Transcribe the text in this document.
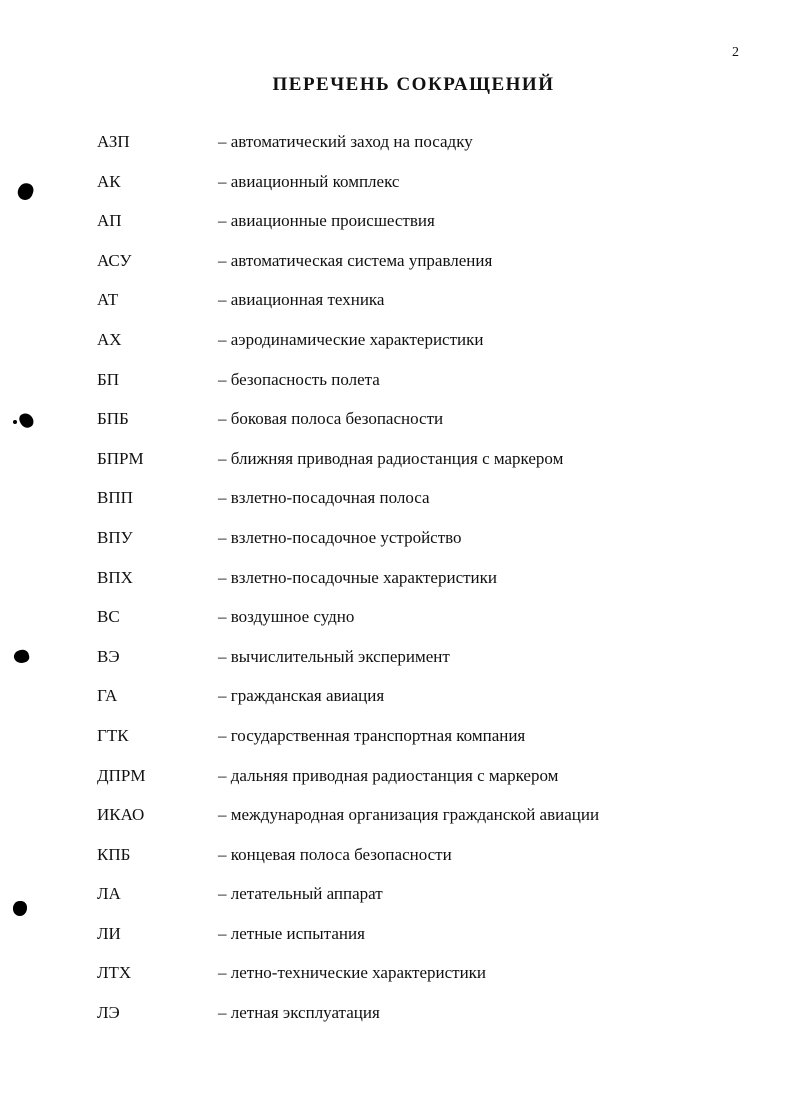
2
ПЕРЕЧЕНЬ СОКРАЩЕНИЙ
АЗП	– автоматический заход на посадку
АК	– авиационный комплекс
АП	– авиационные происшествия
АСУ	– автоматическая система управления
АТ	– авиационная техника
АХ	– аэродинамические характеристики
БП	– безопасность полета
БПБ	– боковая полоса безопасности
БПРМ	– ближняя приводная радиостанция с маркером
ВПП	– взлетно-посадочная полоса
ВПУ	– взлетно-посадочное устройство
ВПХ	– взлетно-посадочные характеристики
ВС	– воздушное судно
ВЭ	– вычислительный эксперимент
ГА	– гражданская авиация
ГТК	– государственная транспортная компания
ДПРМ	– дальняя приводная радиостанция с маркером
ИКАО	– международная организация гражданской авиации
КПБ	– концевая полоса безопасности
ЛА	– летательный аппарат
ЛИ	– летные испытания
ЛТХ	– летно-технические характеристики
ЛЭ	– летная эксплуатация
